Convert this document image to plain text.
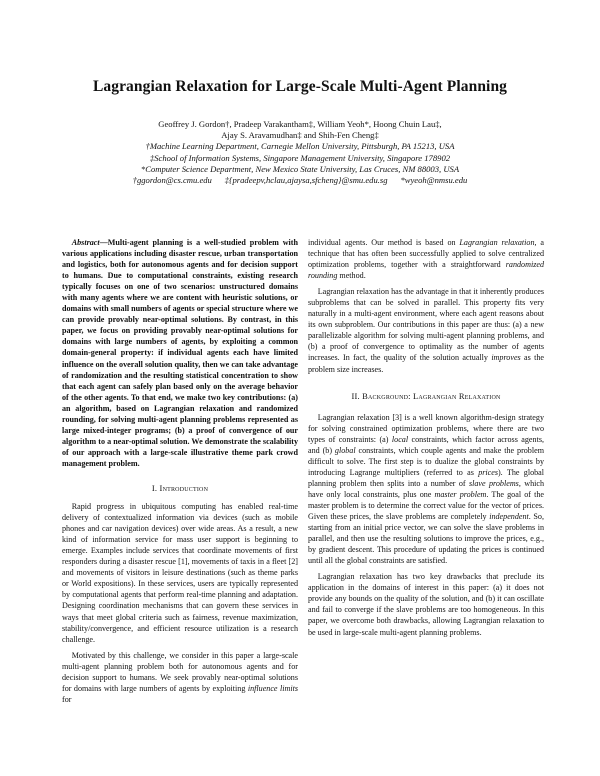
Lagrangian Relaxation for Large-Scale Multi-Agent Planning
Geoffrey J. Gordon†, Pradeep Varakantham‡, William Yeoh*, Hoong Chuin Lau‡,
Ajay S. Aravamudhan‡ and Shih-Fen Cheng‡
†Machine Learning Department, Carnegie Mellon University, Pittsburgh, PA 15213, USA
‡School of Information Systems, Singapore Management University, Singapore 178902
*Computer Science Department, New Mexico State University, Las Cruces, NM 88003, USA
†ggordon@cs.cmu.edu      ‡{pradeepv,hclau,ajaysa,sfcheng}@smu.edu.sg      *wyeoh@nmsu.edu

Abstract—Multi-agent planning is a well-studied problem with various applications including disaster rescue, urban transportation and logistics, both for autonomous agents and for decision support to humans. Due to computational constraints, existing research typically focuses on one of two scenarios: unstructured domains with many agents where we are content with heuristic solutions, or domains with small numbers of agents or special structure where we can provide provably near-optimal solutions. By contrast, in this paper, we focus on providing provably near-optimal solutions for domains with large numbers of agents, by exploiting a common domain-general property: if individual agents each have limited influence on the overall solution quality, then we can take advantage of randomization and the resulting statistical concentration to show that each agent can safely plan based only on the average behavior of the other agents. To that end, we make two key contributions: (a) an algorithm, based on Lagrangian relaxation and randomized rounding, for solving multi-agent planning problems represented as large mixed-integer programs; (b) a proof of convergence of our algorithm to a near-optimal solution. We demonstrate the scalability of our approach with a large-scale illustrative theme park crowd management problem.

I. Introduction

Rapid progress in ubiquitous computing has enabled real-time delivery of contextualized information via devices (such as mobile phones and car navigation devices) over wide areas. As a result, a new kind of information service for mass user support is beginning to emerge. Examples include services that coordinate movements of first responders during a disaster rescue [1], movements of taxis in a fleet [2] and movements of visitors in leisure destinations (such as theme parks or World expositions). In these services, users are typically represented by computational agents that perform real-time planning and adaptation. Designing coordination mechanisms that can govern these services in ways that meet global criteria such as fairness, revenue maximization, stability/convergence, and efficient resource utilization is a research challenge.

Motivated by this challenge, we consider in this paper a large-scale multi-agent planning problem both for autonomous agents and for decision support to humans. We seek provably near-optimal solutions for domains with large numbers of agents by exploiting influence limits for

individual agents. Our method is based on Lagrangian relaxation, a technique that has often been successfully applied to solve centralized optimization problems, together with a straightforward randomized rounding method.

Lagrangian relaxation has the advantage in that it inherently produces subproblems that can be solved in parallel. This property fits very naturally in a multi-agent environment, where each agent reasons about its own subproblem. Our contributions in this paper are thus: (a) a new parallelizable algorithm for solving multi-agent planning problems, and (b) a proof of convergence to optimality as the number of agents increases. In fact, the quality of the solution actually improves as the problem size increases.

II. Background: Lagrangian Relaxation

Lagrangian relaxation [3] is a well known algorithm-design strategy for solving constrained optimization problems, where there are two types of constraints: (a) local constraints, which factor across agents, and (b) global constraints, which couple agents and make the problem difficult to solve. The first step is to dualize the global constraints by introducing Lagrange multipliers (referred to as prices). The global planning problem then splits into a number of slave problems, which have only local constraints, plus one master problem. The goal of the master problem is to determine the correct value for the vector of prices. Given these prices, the slave problems are completely independent. So, starting from an initial price vector, we can solve the slave problems in parallel, and then use the resulting solutions to improve the prices, e.g., by gradient descent. This procedure of updating the prices is continued until all the global constraints are satisfied.

Lagrangian relaxation has two key drawbacks that preclude its application in the domains of interest in this paper: (a) it does not provide any bounds on the quality of the solution, and (b) it can oscillate and fail to converge if the slave problems are too homogeneous. In this paper, we overcome both drawbacks, allowing Lagrangian relaxation to be used in large-scale multi-agent planning problems.
